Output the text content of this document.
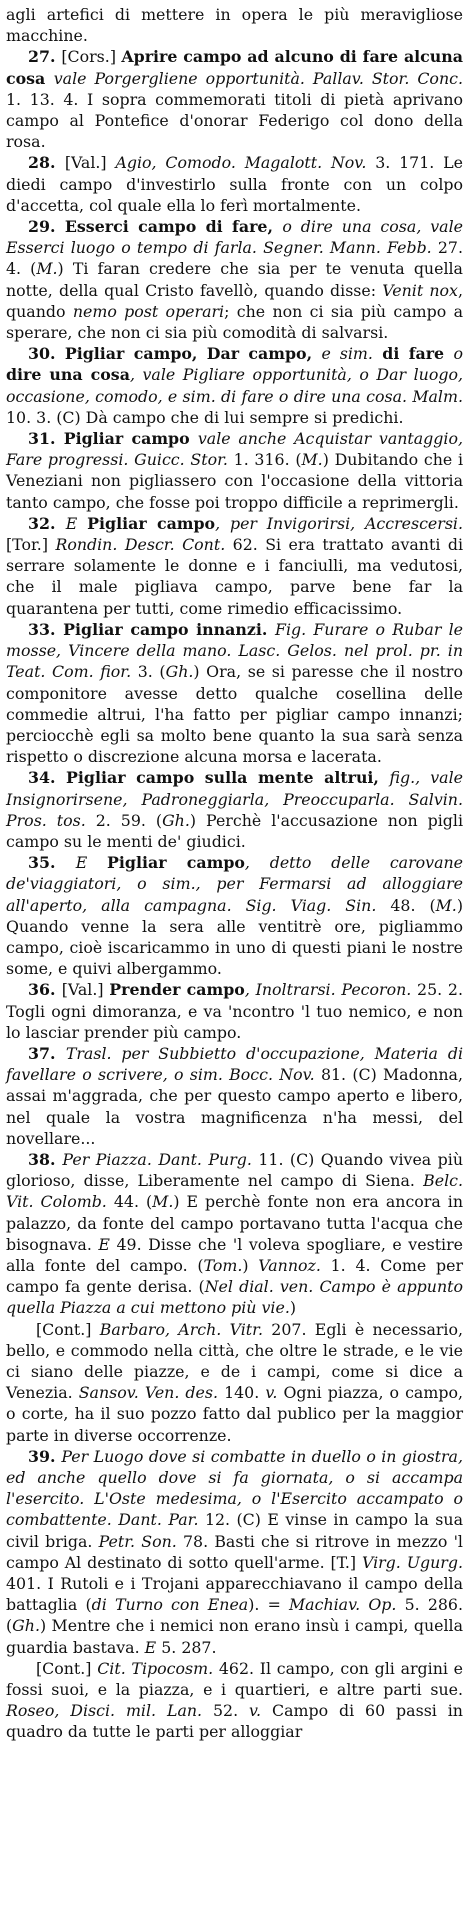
agli artefici di mettere in opera le più meravigliose macchine.

27. [Cors.] Aprire campo ad alcuno di fare alcuna cosa vale Porgergliene opportunità. Pallav. Stor. Conc. 1. 13. 4. I sopra commemorati titoli di pietà aprivano campo al Pontefice d'onorar Federigo col dono della rosa.

28. [Val.] Agio, Comodo. Magalott. Nov. 3. 171. Le diedi campo d'investirlo sulla fronte con un colpo d'accetta, col quale ella lo ferì mortalmente.

29. Esserci campo di fare, o dire una cosa, vale Esserci luogo o tempo di farla. Segner. Mann. Febb. 27. 4. (M.) Ti faran credere che sia per te venuta quella notte, della qual Cristo favellò, quando disse: Venit nox, quando nemo post operari; che non ci sia più campo a sperare, che non ci sia più comodità di salvarsi.

30. Pigliar campo, Dar campo, e sim. di fare o dire una cosa, vale Pigliare opportunità, o Dar luogo, occasione, comodo, e sim. di fare o dire una cosa. Malm. 10. 3. (C) Dà campo che di lui sempre si predichi.

31. Pigliar campo vale anche Acquistar vantaggio, Fare progressi. Guicc. Stor. 1. 316. (M.) Dubitando che i Veneziani non pigliassero con l'occasione della vittoria tanto campo, che fosse poi troppo difficile a reprimergli.

32. E Pigliar campo, per Invigorirsi, Accrescersi. [Tor.] Rondin. Descr. Cont. 62. Si era trattato avanti di serrare solamente le donne e i fanciulli, ma vedutosi, che il male pigliava campo, parve bene far la quarantena per tutti, come rimedio efficacissimo.

33. Pigliar campo innanzi. Fig. Furare o Rubar le mosse, Vincere della mano. Lasc. Gelos. nel prol. pr. in Teat. Com. fior. 3. (Gh.) Ora, se si paresse che il nostro componitore avesse detto qualche cosellina delle commedie altrui, l'ha fatto per pigliar campo innanzi; perciocchè egli sa molto bene quanto la sua sarà senza rispetto o discrezione alcuna morsa e lacerata.

34. Pigliar campo sulla mente altrui, fig., vale Insignorirsene, Padroneggiarla, Preoccuparla. Salvin. Pros. tos. 2. 59. (Gh.) Perchè l'accusazione non pigli campo su le menti de' giudici.

35. E Pigliar campo, detto delle carovane de'viaggiatori, o sim., per Fermarsi ad alloggiare all'aperto, alla campagna. Sig. Viag. Sin. 48. (M.) Quando venne la sera alle ventitrè ore, pigliammo campo, cioè iscaricammo in uno di questi piani le nostre some, e quivi albergammo.

36. [Val.] Prender campo, Inoltrarsi. Pecoron. 25. 2. Togli ogni dimoranza, e va 'ncontro 'l tuo nemico, e non lo lasciar prender più campo.

37. Trasl. per Subbietto d'occupazione, Materia di favellare o scrivere, o sim. Bocc. Nov. 81. (C) Madonna, assai m'aggrada, che per questo campo aperto e libero, nel quale la vostra magnificenza n'ha messi, del novellare...

38. Per Piazza. Dant. Purg. 11. (C) Quando vivea più glorioso, disse, Liberamente nel campo di Siena. Belc. Vit. Colomb. 44. (M.) E perchè fonte non era ancora in palazzo, da fonte del campo portavano tutta l'acqua che bisognava. E 49. Disse che 'l voleva spogliare, e vestire alla fonte del campo. (Tom.) Vannoz. 1. 4. Come per campo fa gente derisa. (Nel dial. ven. Campo è appunto quella Piazza a cui mettono più vie.)

[Cont.] Barbaro, Arch. Vitr. 207. Egli è necessario, bello, e commodo nella città, che oltre le strade, e le vie ci siano delle piazze, e de i campi, come si dice a Venezia. Sansov. Ven. des. 140. v. Ogni piazza, o campo, o corte, ha il suo pozzo fatto dal publico per la maggior parte in diverse occorrenze.

39. Per Luogo dove si combatte in duello o in giostra, ed anche quello dove si fa giornata, o si accampa l'esercito. L'Oste medesima, o l'Esercito accampato o combattente. Dant. Par. 12. (C) E vinse in campo la sua civil briga. Petr. Son. 78. Basti che si ritrove in mezzo 'l campo Al destinato di sotto quell'arme. [T.] Virg. Ugurg. 401. I Rutoli e i Trojani apparecchiavano il campo della battaglia (di Turno con Enea). = Machiav. Op. 5. 286. (Gh.) Mentre che i nemici non erano insù i campi, quella guardia bastava. E 5. 287.

[Cont.] Cit. Tipocosm. 462. Il campo, con gli argini e fossi suoi, e la piazza, e i quartieri, e altre parti sue. Roseo, Disci. mil. Lan. 52. v. Campo di 60 passi in quadro da tutte le parti per alloggiar
